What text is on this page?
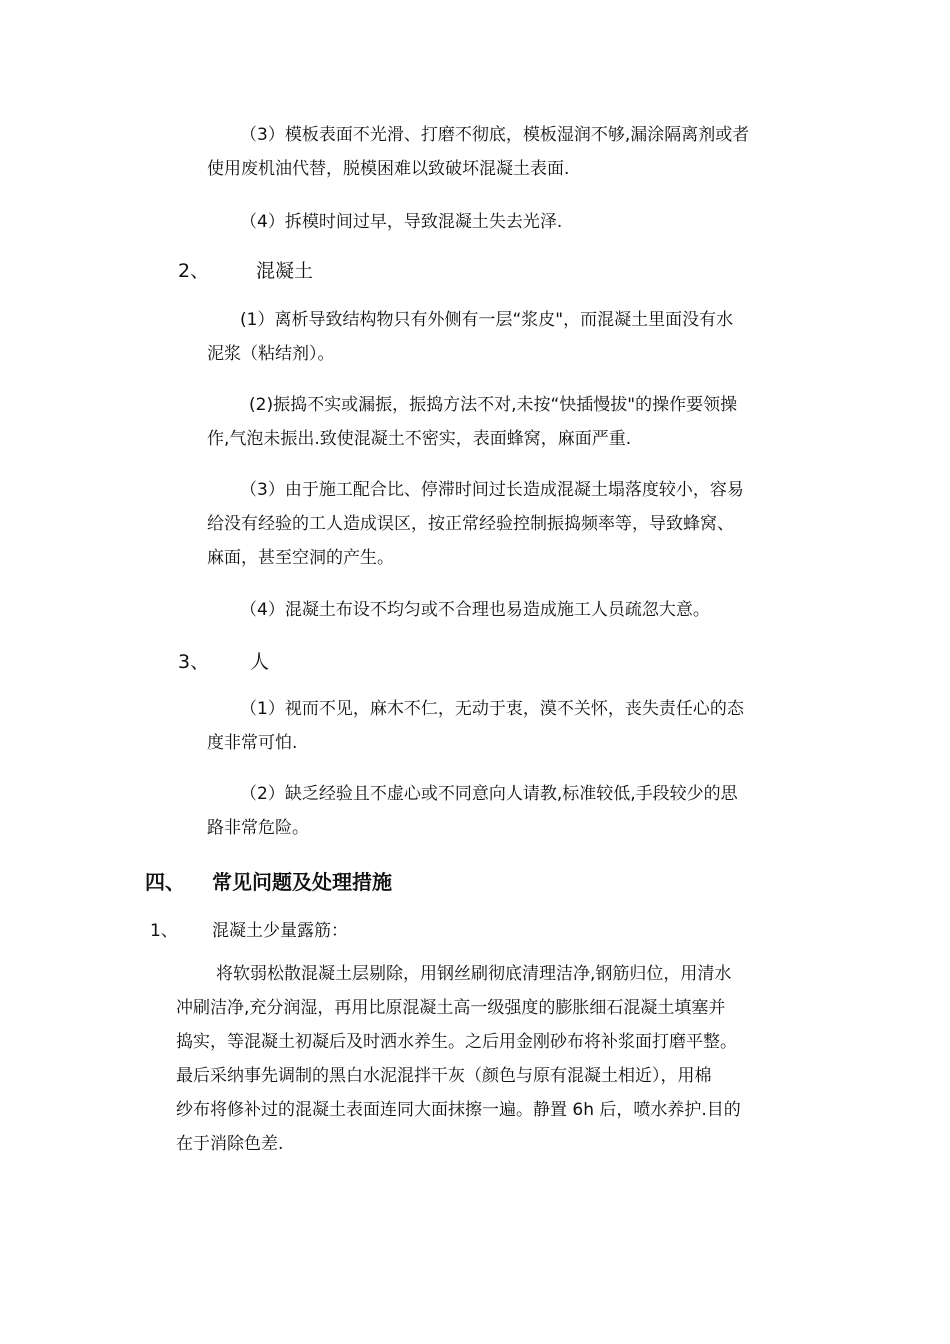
（3）模板表面不光滑、打磨不彻底，模板湿润不够,漏涂隔离剂或者
使用废机油代替，脱模困难以致破坏混凝土表面.
（4）拆模时间过早，导致混凝土失去光泽.
2、 混凝土
(1）离析导致结构物只有外侧有一层“浆皮"，而混凝土里面没有水
泥浆（粘结剂）。
(2)振捣不实或漏振，振捣方法不对,未按“快插慢拔"的操作要领操
作,气泡未振出.致使混凝土不密实，表面蜂窝，麻面严重.
（3）由于施工配合比、停滞时间过长造成混凝土塌落度较小，容易
给没有经验的工人造成误区，按正常经验控制振捣频率等，导致蜂窝、
麻面，甚至空洞的产生。
（4）混凝土布设不均匀或不合理也易造成施工人员疏忽大意。
3、 人
（1）视而不见，麻木不仁，无动于衷，漠不关怀，丧失责任心的态
度非常可怕.
（2）缺乏经验且不虚心或不同意向人请教,标准较低,手段较少的思
路非常危险。
四、 常见问题及处理措施
1、 混凝土少量露筋：
将软弱松散混凝土层剔除，用钢丝刷彻底清理洁净,钢筋归位，用清水
冲刷洁净,充分润湿，再用比原混凝土高一级强度的膨胀细石混凝土填塞并
捣实，等混凝土初凝后及时洒水养生。之后用金刚砂布将补浆面打磨平整。
最后采纳事先调制的黑白水泥混拌干灰（颜色与原有混凝土相近），用棉
纱布将修补过的混凝土表面连同大面抹擦一遍。静置 6h 后，喷水养护.目的
在于消除色差.
